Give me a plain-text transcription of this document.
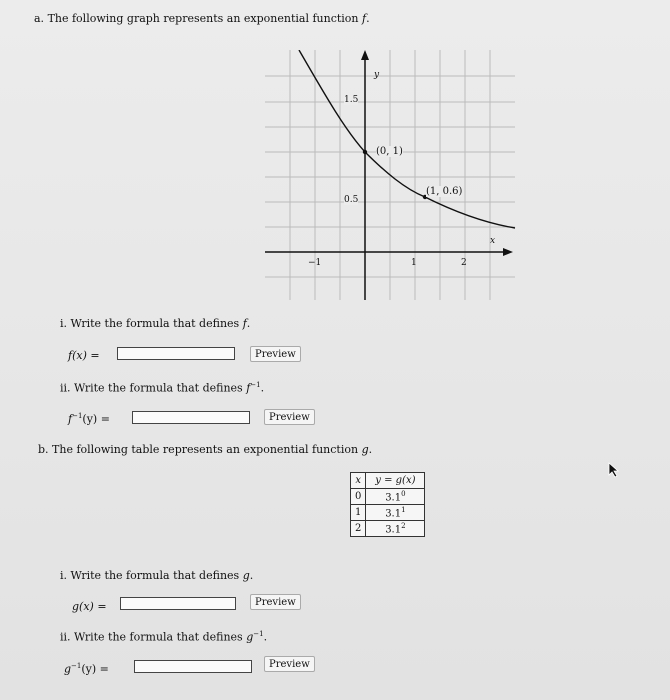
a. The following graph represents an exponential function f.
y
x
1.5
0.5
−1	1	2
(0, 1)
(1, 0.6)
i. Write the formula that defines f.
f(x) =	Preview
ii. Write the formula that defines $f^{-1}$.
$f^{-1}(y)$ =	Preview
b. The following table represents an exponential function g.
x	y = g(x)
0	$3.1^0$
1	$3.1^1$
2	$3.1^2$
i. Write the formula that defines g.
g(x) =	Preview
ii. Write the formula that defines $g^{-1}$.
$g^{-1}(y)$ =	Preview
